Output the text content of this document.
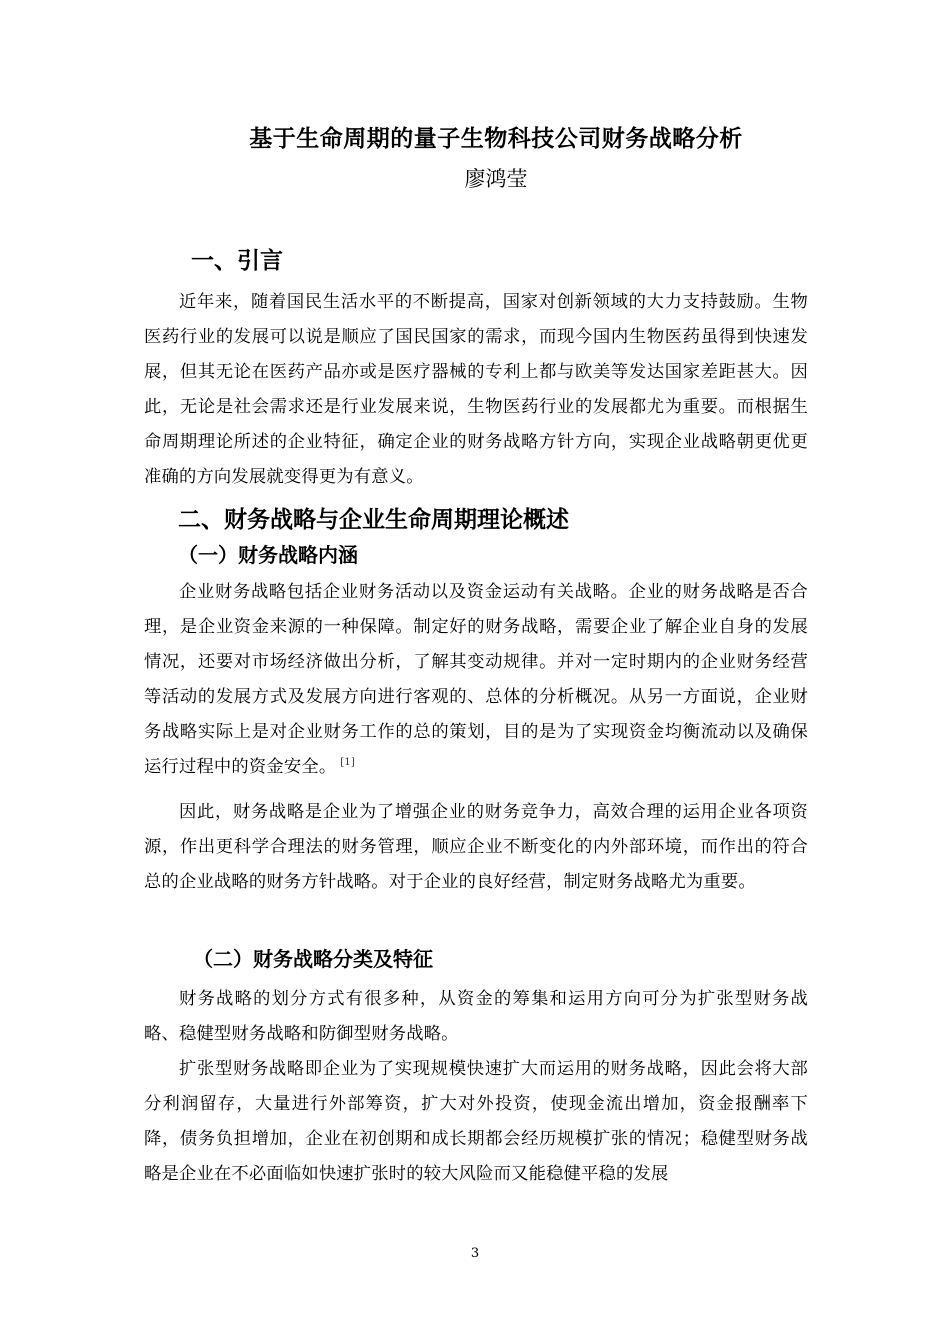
基于生命周期的量子生物科技公司财务战略分析
廖鸿莹
一、引言
近年来，随着国民生活水平的不断提高，国家对创新领域的大力支持鼓励。生物医药行业的发展可以说是顺应了国民国家的需求，而现今国内生物医药虽得到快速发展，但其无论在医药产品亦或是医疗器械的专利上都与欧美等发达国家差距甚大。因此，无论是社会需求还是行业发展来说，生物医药行业的发展都尤为重要。而根据生命周期理论所述的企业特征，确定企业的财务战略方针方向，实现企业战略朝更优更准确的方向发展就变得更为有意义。
二、财务战略与企业生命周期理论概述
（一）财务战略内涵
企业财务战略包括企业财务活动以及资金运动有关战略。企业的财务战略是否合理，是企业资金来源的一种保障。制定好的财务战略，需要企业了解企业自身的发展情况，还要对市场经济做出分析，了解其变动规律。并对一定时期内的企业财务经营等活动的发展方式及发展方向进行客观的、总体的分析概况。从另一方面说，企业财务战略实际上是对企业财务工作的总的策划，目的是为了实现资金均衡流动以及确保运行过程中的资金安全。 [1]
因此，财务战略是企业为了增强企业的财务竞争力，高效合理的运用企业各项资源，作出更科学合理法的财务管理，顺应企业不断变化的内外部环境，而作出的符合总的企业战略的财务方针战略。对于企业的良好经营，制定财务战略尤为重要。
（二）财务战略分类及特征
财务战略的划分方式有很多种，从资金的筹集和运用方向可分为扩张型财务战略、稳健型财务战略和防御型财务战略。
扩张型财务战略即企业为了实现规模快速扩大而运用的财务战略，因此会将大部分利润留存，大量进行外部筹资，扩大对外投资，使现金流出增加，资金报酬率下降，债务负担增加，企业在初创期和成长期都会经历规模扩张的情况；稳健型财务战略是企业在不必面临如快速扩张时的较大风险而又能稳健平稳的发展
3
